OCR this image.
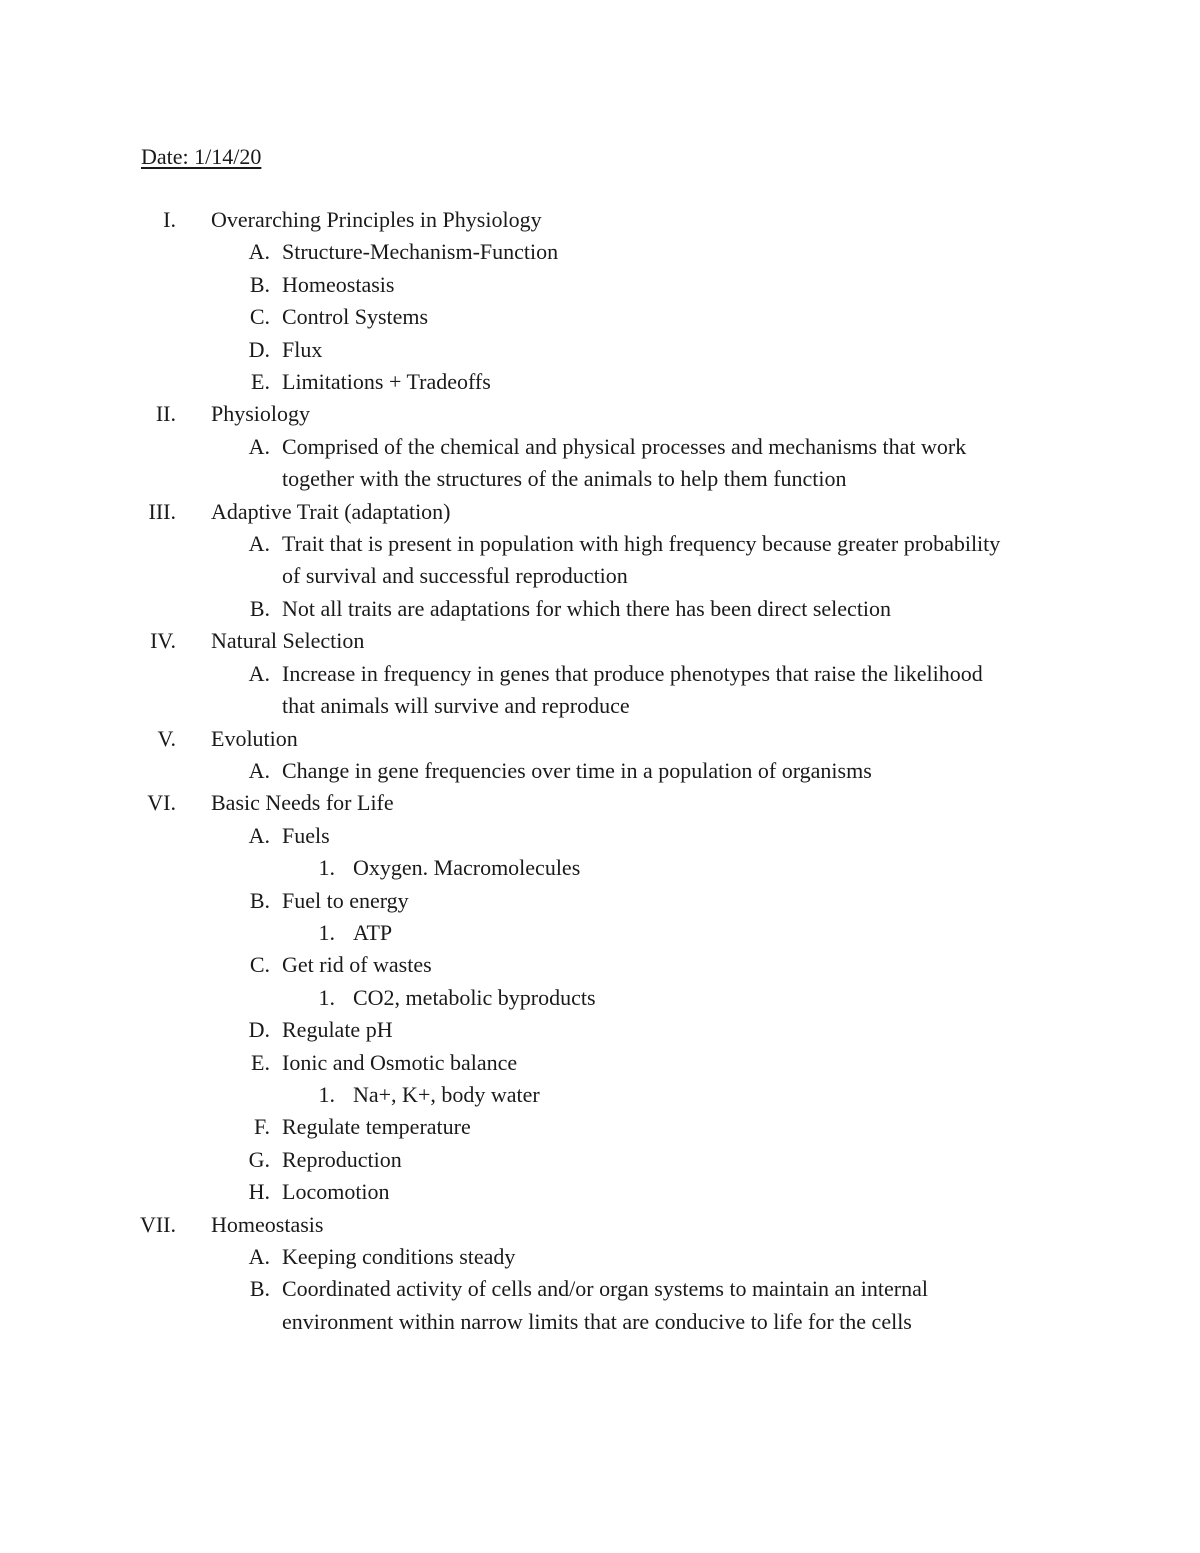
Date: 1/14/20
I.	Overarching Principles in Physiology
A. Structure-Mechanism-Function
B. Homeostasis
C. Control Systems
D. Flux
E. Limitations + Tradeoffs
II.	Physiology
A. Comprised of the chemical and physical processes and mechanisms that work
together with the structures of the animals to help them function
III.	Adaptive Trait (adaptation)
A. Trait that is present in population with high frequency because greater probability
of survival and successful reproduction
B. Not all traits are adaptations for which there has been direct selection
IV.	Natural Selection
A. Increase in frequency in genes that produce phenotypes that raise the likelihood
that animals will survive and reproduce
V.	Evolution
A. Change in gene frequencies over time in a population of organisms
VI.	Basic Needs for Life
A. Fuels
1. Oxygen. Macromolecules
B. Fuel to energy
1. ATP
C. Get rid of wastes
1. CO2, metabolic byproducts
D. Regulate pH
E. Ionic and Osmotic balance
1. Na+, K+, body water
F. Regulate temperature
G. Reproduction
H. Locomotion
VII.	Homeostasis
A. Keeping conditions steady
B. Coordinated activity of cells and/or organ systems to maintain an internal
environment within narrow limits that are conducive to life for the cells
